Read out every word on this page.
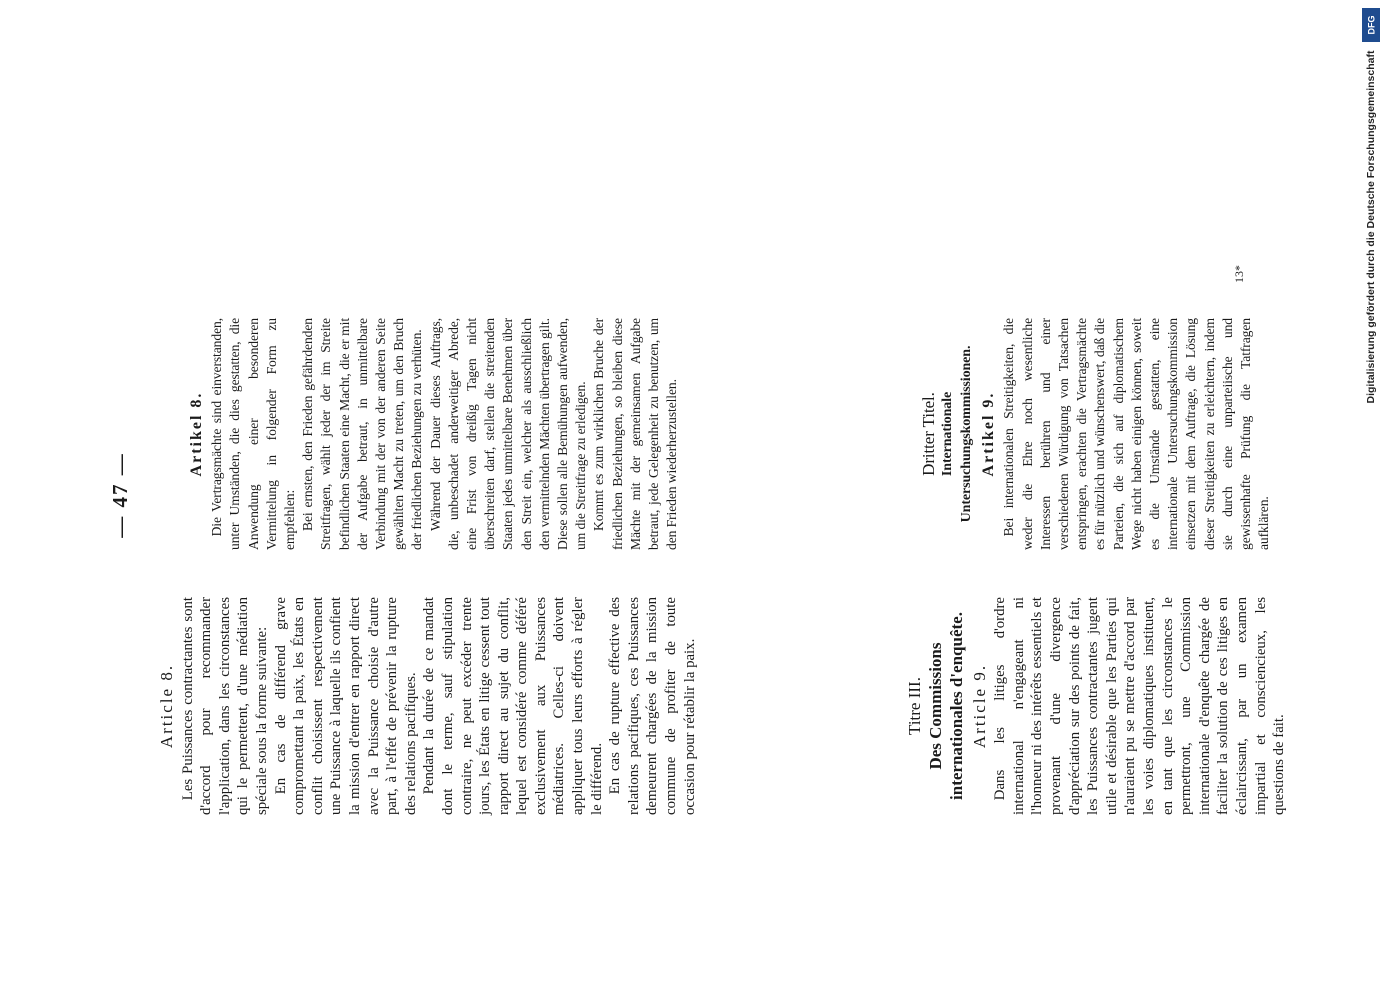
— 47 —
Article 8. Les Puissances contractantes sont d'accord pour recommander l'application, dans les circonstances qui le permettent, d'une médiation spéciale sous la forme suivante: En cas de différend grave compromettant la paix, les États en conflit choisissent respectivement une Puissance à laquelle ils confient la mission d'entrer en rapport direct avec la Puissance choisie d'autre part, à l'effet de prévenir la rupture des relations pacifiques. Pendant la durée de ce mandat dont le terme, sauf stipulation contraire, ne peut excéder trente jours, les États en litige cessent tout rapport direct au sujet du conflit, lequel est considéré comme déféré exclusivement aux Puissances médiatrices. Celles-ci doivent appliquer tous leurs efforts à régler le différend. En cas de rupture effective des relations pacifiques, ces Puissances demeurent chargées de la mission commune de profiter de toute occasion pour rétablir la paix.	Titre III. Des Commissions internationales d'enquête. Article 9. Dans les litiges d'ordre international n'engageant ni l'honneur ni des intérêts essentiels et provenant d'une divergence d'appréciation sur des points de fait, les Puissances contractantes jugent utile et désirable que les Parties qui n'auraient pu se mettre d'accord par les voies diplomatiques instituent, en tant que les circonstances le permettront, une Commission internationale d'enquête chargée de faciliter la solution de ces litiges en éclaircissant, par un examen impartial et consciencieux, les questions de fait.

Artikel 8. Die Vertragsmächte sind einverstanden, unter Umständen, die dies gestatten, die Anwendung einer besonderen Vermittelung in folgender Form zu empfehlen: Bei ernsten, den Frieden gefährdenden Streitfragen, wählt jeder der im Streite befindlichen Staaten eine Macht, die er mit der Aufgabe betraut, in unmittelbare Verbindung mit der von der anderen Seite gewählten Macht zu treten, um den Bruch der friedlichen Beziehungen zu verhüten. Während der Dauer dieses Auftrags, die, unbeschadet anderweitiger Abrede, eine Frist von dreißig Tagen nicht überschreiten darf, stellen die streitenden Staaten jedes unmittelbare Benehmen über den Streit ein, welcher als ausschließlich den vermittelnden Mächten übertragen gilt. Diese sollen alle Bemühungen aufwenden, um die Streitfrage zu erledigen. Kommt es zum wirklichen Bruche der friedlichen Beziehungen, so bleiben diese Mächte mit der gemeinsamen Aufgabe betraut, jede Gelegenheit zu benutzen, um den Frieden wiederherzustellen.	Dritter Titel. Internationale Untersuchungskommissionen. Artikel 9. Bei internationalen Streitigkeiten, die weder die Ehre noch wesentliche Interessen berühren und einer verschiedenen Würdigung von Tatsachen entspringen, erachten die Vertragsmächte es für nützlich und wünschenswert, daß die Parteien, die sich auf diplomatischem Wege nicht haben einigen können, soweit es die Umstände gestatten, eine internationale Untersuchungskommission einsetzen mit dem Auftrage, die Lösung dieser Streitigkeiten zu erleichtern, indem sie durch eine unparteiische und gewissenhafte Prüfung die Tatfragen aufklären.

13*
DFG
Digitalisierung gefördert durch die Deutsche Forschungsgemeinschaft
